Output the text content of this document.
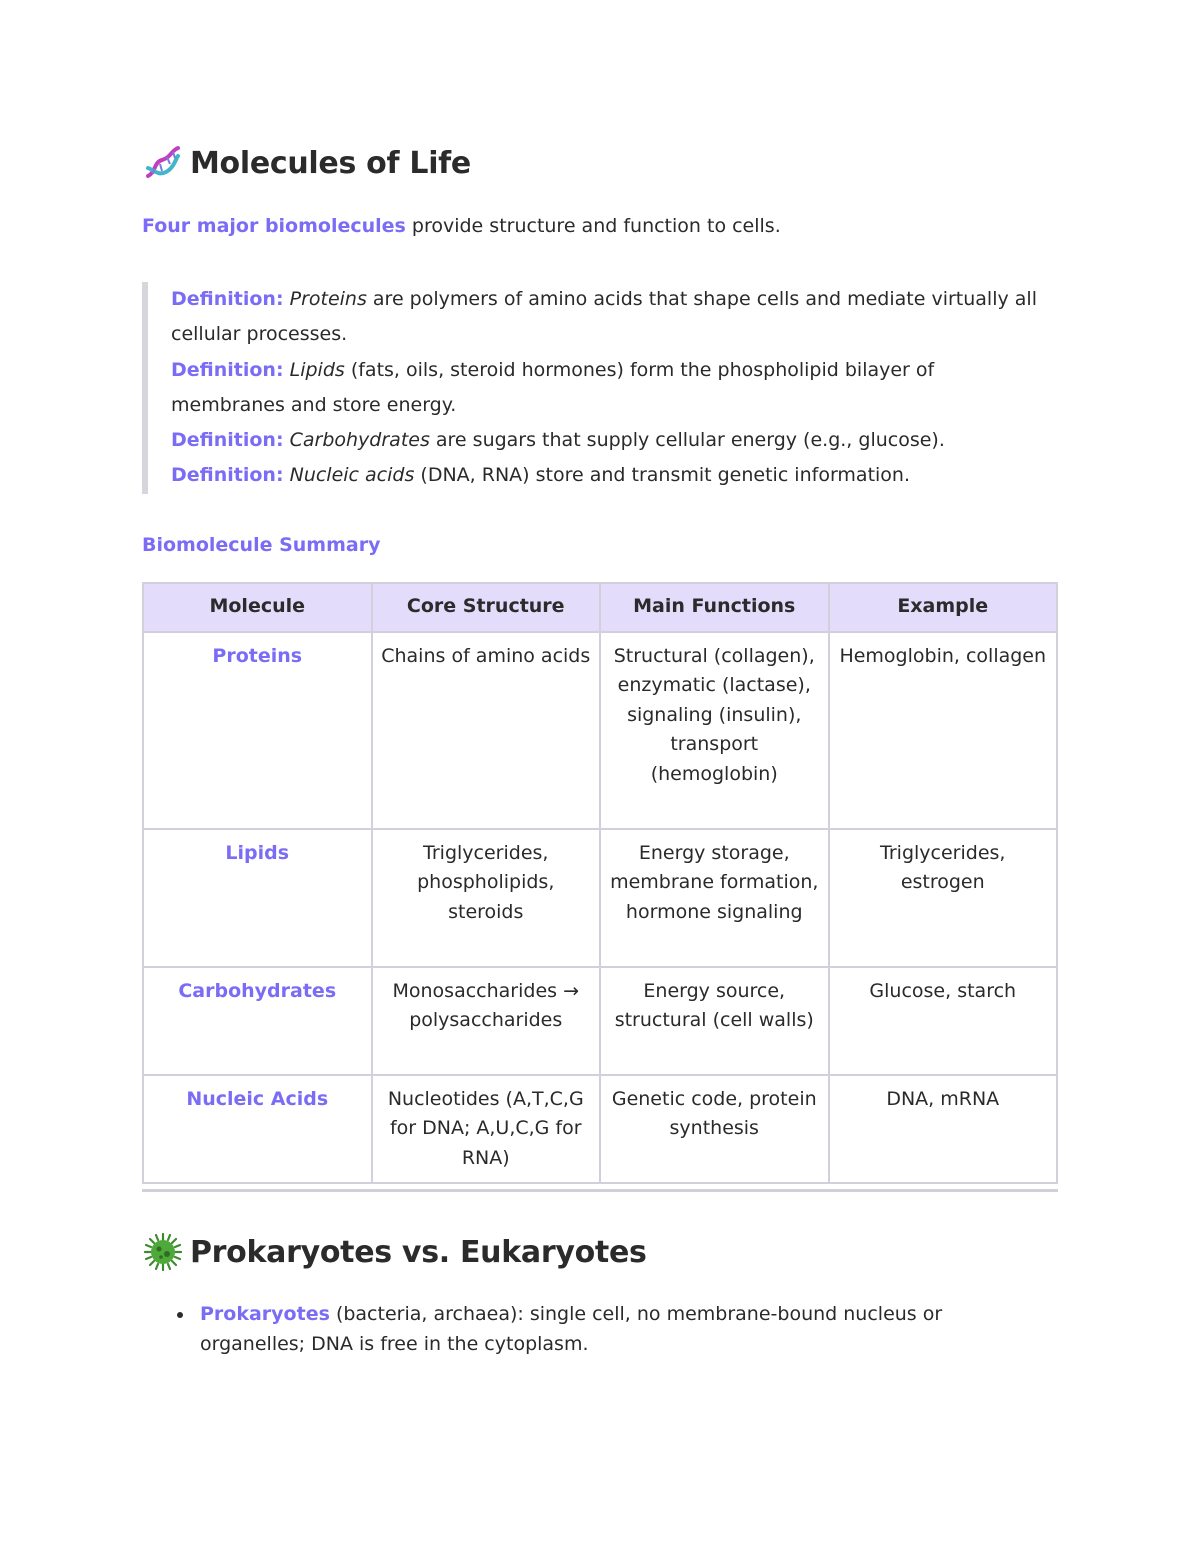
Molecules of Life
Four major biomolecules provide structure and function to cells.

Definition: Proteins are polymers of amino acids that shape cells and mediate virtually all cellular processes.

Definition: Lipids (fats, oils, steroid hormones) form the phospholipid bilayer of membranes and store energy.

Definition: Carbohydrates are sugars that supply cellular energy (e.g., glucose).

Definition: Nucleic acids (DNA, RNA) store and transmit genetic information.

Biomolecule Summary
Molecule	Core Structure	Main Functions	Example
Proteins	Chains of amino acids	Structural (collagen), enzymatic (lactase), signaling (insulin), transport (hemoglobin)	Hemoglobin, collagen
Lipids	Triglycerides, phospholipids, steroids	Energy storage, membrane formation, hormone signaling	Triglycerides, estrogen
Carbohydrates	Monosaccharides → polysaccharides	Energy source, structural (cell walls)	Glucose, starch
Nucleic Acids	Nucleotides (A,T,C,G for DNA; A,U,C,G for RNA)	Genetic code, protein synthesis	DNA, mRNA
Prokaryotes vs. Eukaryotes
Prokaryotes (bacteria, archaea): single cell, no membrane-bound nucleus or organelles; DNA is free in the cytoplasm.
